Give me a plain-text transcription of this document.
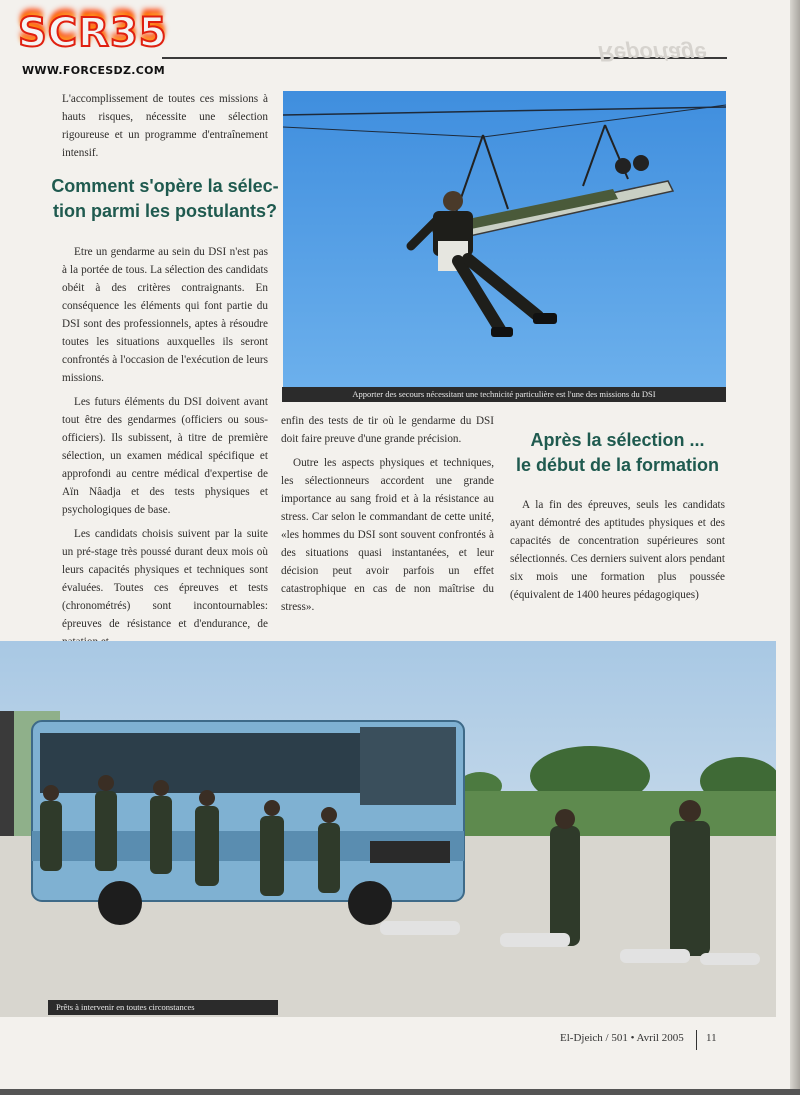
SCR35
WWW.FORCESDZ.COM
Reportage

L'accomplissement de toutes ces missions à hauts risques, nécessite une sélection rigoureuse et un programme d'entraînement intensif.

Comment s'opère la sélec-
tion parmi les postulants?

Etre un gendarme au sein du DSI n'est pas à la portée de tous. La sélection des candidats obéit à des critères contraignants. En conséquence les éléments qui font partie du DSI sont des professionnels, aptes à résoudre toutes les situations auxquelles ils seront confrontés à l'occasion de l'exécution de leurs missions.

Les futurs éléments du DSI doivent avant tout être des gendarmes (officiers ou sous-officiers). Ils subissent, à titre de première sélection, un examen médical spécifique et approfondi au centre médical d'expertise de Aïn Nâadja et des tests physiques et psychologiques de base.

Les candidats choisis suivent par la suite un pré-stage très poussé durant deux mois où leurs capacités physiques et techniques sont évaluées. Toutes ces épreuves et tests (chronométrés) sont incontournables: épreuves de résistance et d'endurance, de

Apporter des secours nécessitant une technicité particulière est l'une des missions du DSI

enfin des tests de tir où le gendarme du DSI doit faire preuve d'une grande précision.

Outre les aspects physiques et techniques, les sélectionneurs accordent une grande importance au sang froid et à la résistance au stress. Car selon le commandant de cette unité, «les hommes du DSI sont souvent confrontés à des situations quasi instantanées, et leur décision peut avoir parfois un effet catastrophique en cas de non maîtrise du stress».

Après la sélection ...
le début de la formation

A la fin des épreuves, seuls les candidats ayant démontré des aptitudes physiques et des capacités de concentration supérieures sont sélectionnés. Ces derniers suivent alors pendant six mois une formation plus poussée (équivalent de 1400 heures pédagogiques)

Prêts à intervenir en toutes circonstances
El-Djeich / 501 • Avril 2005 11
